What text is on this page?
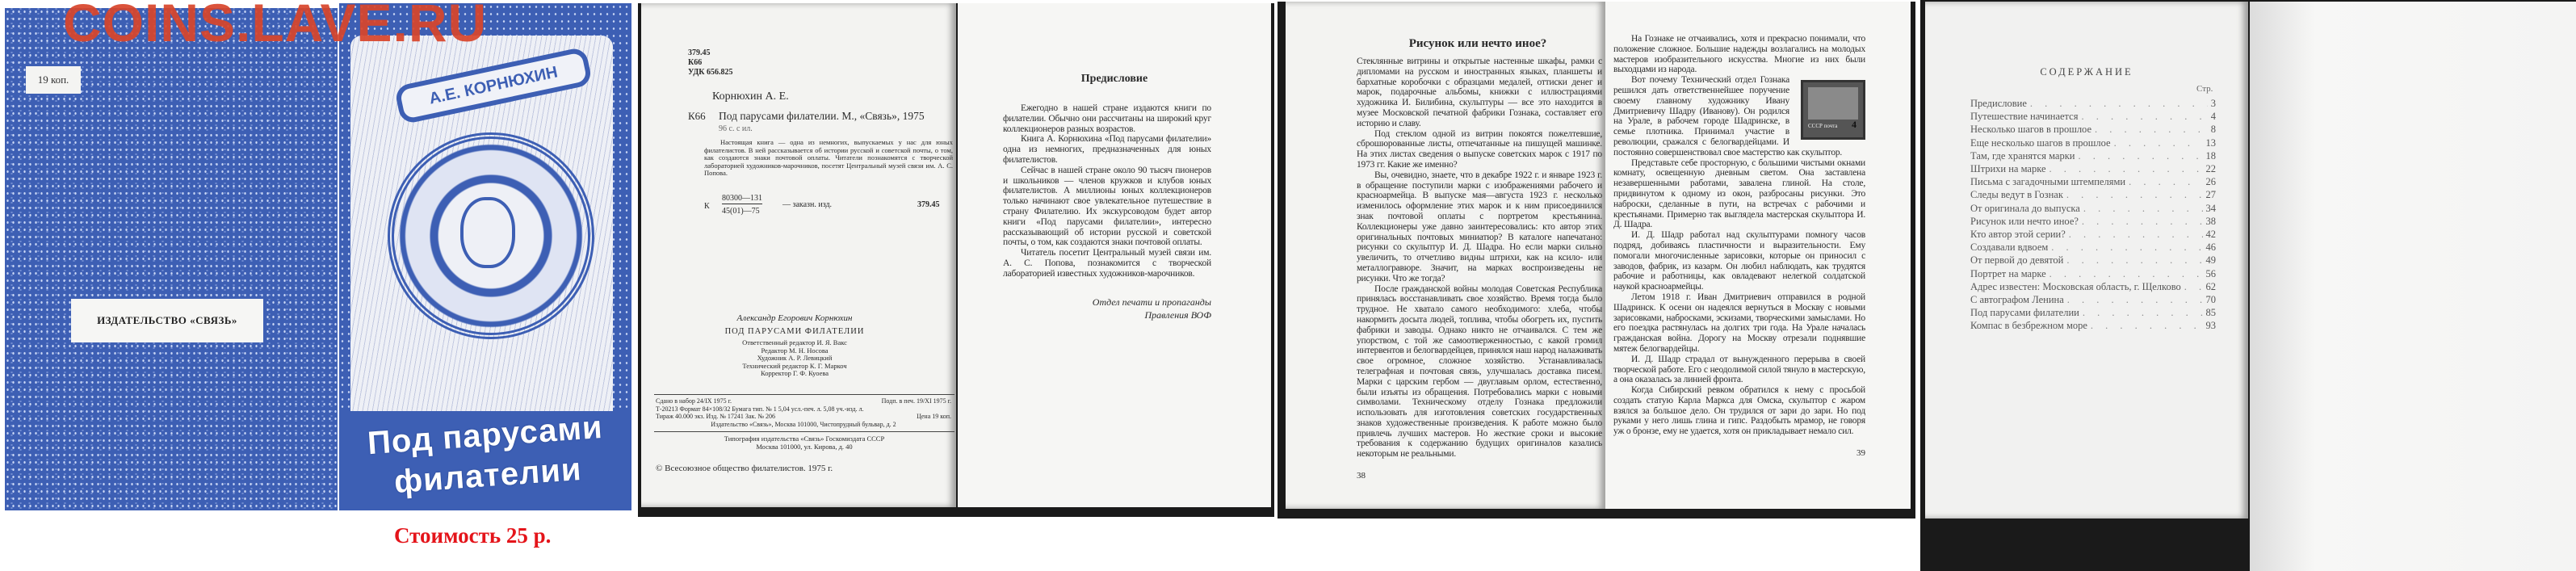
19 коп.
ИЗДАТЕЛЬСТВО «СВЯЗЬ»
А.Е. КОРНЮХИН
Под парусами
филателии
COINS.LAVE.RU
Стоимость 25 р.
379.45
К66
УДК 656.825
Корнюхин А. Е.
К66 Под парусами филателии. М., «Связь», 1975
96 с. с ил.
Настоящая книга — одна из немногих, выпускаемых у нас для юных филателистов. В ней рассказывается об истории русской и советской почты, о том, как создаются знаки почтовой оплаты. Читатели познакомятся с творческой лабораторией художников-марочников, посетят Центральный музей связи им. А. С. Попова.
К
80300—131
45(01)—75
— заказн. изд.	379.45
Александр Егорович Корнюхин
ПОД ПАРУСАМИ ФИЛАТЕЛИИ
Ответственный редактор И. Я. Вакс
Редактор М. Н. Носова
Художник А. Р. Левицкий
Технический редактор К. Г. Маркоч
Корректор Г. Ф. Куоева
Сдано в набор 24/IX 1975 г.	Подп. в печ. 19/XI 1975 г.
Т-20213 Формат 84×108/32 Бумага тип. № 1 5,04 усл.-печ. л. 5,08 уч.-изд. л.
Тираж 40.000 экз. Изд. № 17241 Зак. № 206	Цена 19 коп.
Издательство «Связь», Москва 101000, Чистопрудный бульвар, д. 2
Типография издательства «Связь» Госкомиздата СССР
Москва 101000, ул. Кирова, д. 40
© Всесоюзное общество филателистов. 1975 г.
Предисловие

Ежегодно в нашей стране издаются книги по филателии. Обычно они рассчитаны на широкий круг коллекционеров разных возрастов.

Книга А. Корнюхина «Под парусами филателии» одна из немногих, предназначенных для юных филателистов.

Сейчас в нашей стране около 90 тысяч пионеров и школьников — членов кружков и клубов юных филателистов. А миллионы юных коллекционеров только начинают свое увлекательное путешествие в страну Филателию. Их экскурсоводом будет автор книги «Под парусами филателии», интересно рассказывающий об истории русской и советской почты, о том, как создаются знаки почтовой оплаты.

Читатель посетит Центральный музей связи им. А. С. Попова, познакомится с творческой лабораторией известных художников-марочников.

Отдел печати и пропаганды
Правления ВОФ
Рисунок или нечто иное?

Стеклянные витрины и открытые настенные шкафы, рамки с дипломами на русском и иностранных языках, планшеты и бархатные коробочки с образцами медалей, оттиски денег и марок, подарочные альбомы, книжки с иллюстрациями художника И. Билибина, скульптуры — все это находится в музее Московской печатной фабрики Гознака, составляет его историю и славу.

Под стеклом одной из витрин покоятся пожелтевшие, сброшюрованные листы, отпечатанные на пишущей машинке. На этих листах сведения о выпуске советских марок с 1917 по 1973 гг. Какие же именно?

Вы, очевидно, знаете, что в декабре 1922 г. и январе 1923 г. в обращение поступили марки с изображениями рабочего и красноармейца. В выпуске мая—августа 1923 г. несколько изменилось оформление этих марок и к ним присоединился знак почтовой оплаты с портретом крестьянина. Коллекционеры уже давно заинтересовались: кто автор этих оригинальных почтовых миниатюр? В каталоге напечатано: рисунки со скульптур И. Д. Шадра. Но если марки сильно увеличить, то отчетливо видны штрихи, как на ксило- или металлогравюре. Значит, на марках воспроизведены не рисунки. Что же тогда?

После гражданской войны молодая Советская Республика принялась восстанавливать свое хозяйство. Время тогда было трудное. Не хватало самого необходимого: хлеба, чтобы накормить досыта людей, топлива, чтобы обогреть их, пустить фабрики и заводы. Однако никто не отчаивался. С тем же упорством, с той же самоотверженностью, с какой громил интервентов и белогвардейцев, принялся наш народ налаживать свое огромное, сложное хозяйство. Устанавливалась телеграфная и почтовая связь, улучшалась доставка писем. Марки с царским гербом — двуглавым орлом, естественно, были изъяты из обращения. Потребовались марки с новыми символами. Техническому отделу Гознака предложили использовать для изготовления советских государственных знаков художественные произведения. К работе можно было привлечь лучших мастеров. Но жесткие сроки и высокие требования к содержанию будущих оригиналов казались некоторым не реальными.

38

На Гознаке не отчаивались, хотя и прекрасно понимали, что положение сложное. Большие надежды возлагались на молодых мастеров изобразительного искусства. Многие из них были выходцами из народа.

СССР почта 4

Вот почему Технический отдел Гознака решился дать ответственнейшее поручение своему главному художнику Ивану Дмитриевичу Шадру (Иванову). Он родился на Урале, в рабочем городе Шадринске, в семье плотника. Принимал участие в революции, сражался с белогвардейцами. И постоянно совершенствовал свое мастерство как скульптор.

Представьте себе просторную, с большими чистыми окнами комнату, освещенную дневным светом. Она заставлена незавершенными работами, завалена глиной. На столе, придвинутом к одному из окон, разбросаны рисунки. Это наброски, сделанные в пути, на встречах с рабочими и крестьянами. Примерно так выглядела мастерская скульптора И. Д. Шадра.

И. Д. Шадр работал над скульптурами помногу часов подряд, добиваясь пластичности и выразительности. Ему помогали многочисленные зарисовки, которые он приносил с заводов, фабрик, из казарм. Он любил наблюдать, как трудятся рабочие и работницы, как овладевают нелегкой солдатской наукой красноармейцы.

Летом 1918 г. Иван Дмитриевич отправился в родной Шадринск. К осени он надеялся вернуться в Москву с новыми зарисовками, набросками, эскизами, творческими замыслами. Но его поездка растянулась на долгих три года. На Урале началась гражданская война. Дорогу на Москву отрезали поднявшие мятеж белогвардейцы.

И. Д. Шадр страдал от вынужденного перерыва в своей творческой работе. Его с неодолимой силой тянуло в мастерскую, а она оказалась за линией фронта.

Когда Сибирский ревком обратился к нему с просьбой создать статую Карла Маркса для Омска, скульптор с жаром взялся за большое дело. Он трудился от зари до зари. Но под руками у него лишь глина и гипс. Раздобыть мрамор, не говоря уж о бронзе, ему не удается, хотя он прикладывает немало сил.

39
СОДЕРЖАНИЕ
Стр.
Предисловие . . .	3
Путешествие начинается . . .	4
Несколько шагов в прошлое . . .	8
Еще несколько шагов в прошлое . . .	13
Там, где хранятся марки . . .	18
Штрихи на марке . . .	22
Письма с загадочными штемпелями . . .	26
Следы ведут в Гознак . . .	27
От оригинала до выпуска . . .	34
Рисунок или нечто иное? . . .	38
Кто автор этой серии? . . .	42
Создавали вдвоем . . .	46
От первой до девятой . . .	49
Портрет на марке . . .	56
Адрес известен: Московская область, г. Щелково . . . 62
С автографом Ленина . . .	70
Под парусами филателии . . .	85
Компас в безбрежном море . . .	93
